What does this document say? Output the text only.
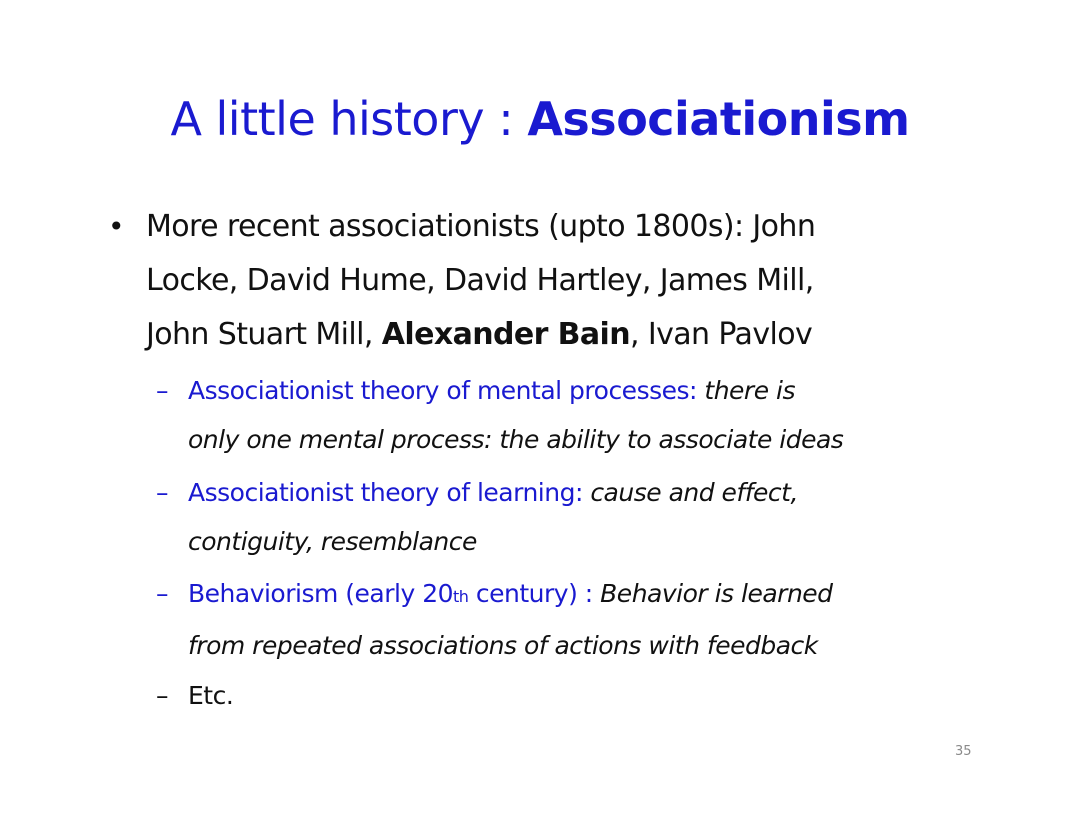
A little history : Associationism
• More recent associationists (upto 1800s): John
Locke, David Hume, David Hartley, James Mill,
John Stuart Mill, Alexander Bain, Ivan Pavlov
– Associationist theory of mental processes: there is
only one mental process: the ability to associate ideas
– Associationist theory of learning: cause and effect,
contiguity, resemblance
– Behaviorism (early 20th century) : Behavior is learned
from repeated associations of actions with feedback
– Etc.
35
